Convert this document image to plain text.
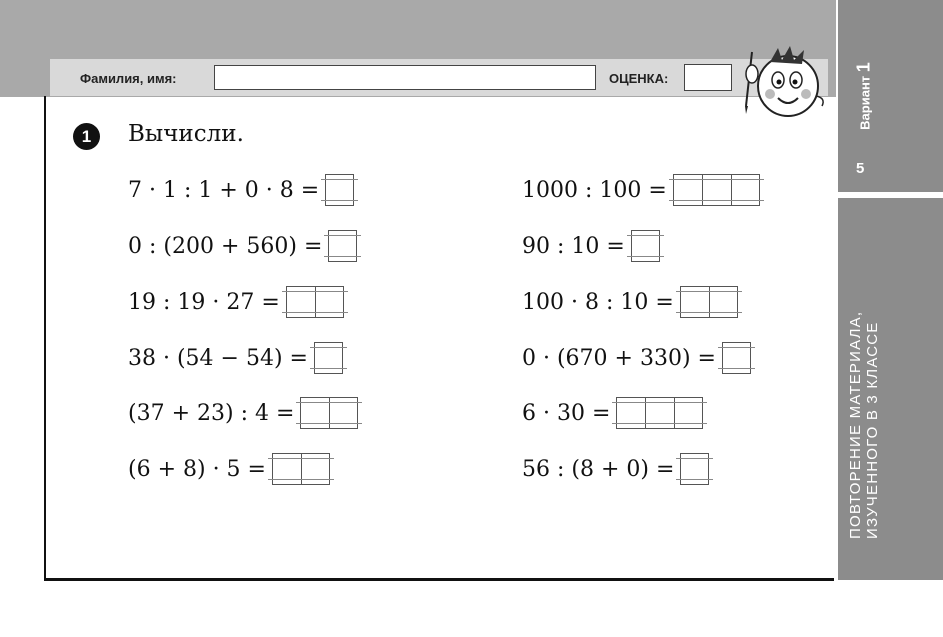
Фамилия, имя:	ОЦЕНКА:	Вариант 1
5
ПОВТОРЕНИЕ МАТЕРИАЛА, ИЗУЧЕННОГО В 3 КЛАССЕ
1	Вычисли.
7 · 1 : 1 + 0 · 8 =
0 : (200 + 560) =
19 : 19 · 27 =
38 · (54 − 54) =
(37 + 23) : 4 =
(6 + 8) · 5 =
1000 : 100 =
90 : 10 =
100 · 8 : 10 =
0 · (670 + 330) =
6 · 30 =
56 : (8 + 0) =
